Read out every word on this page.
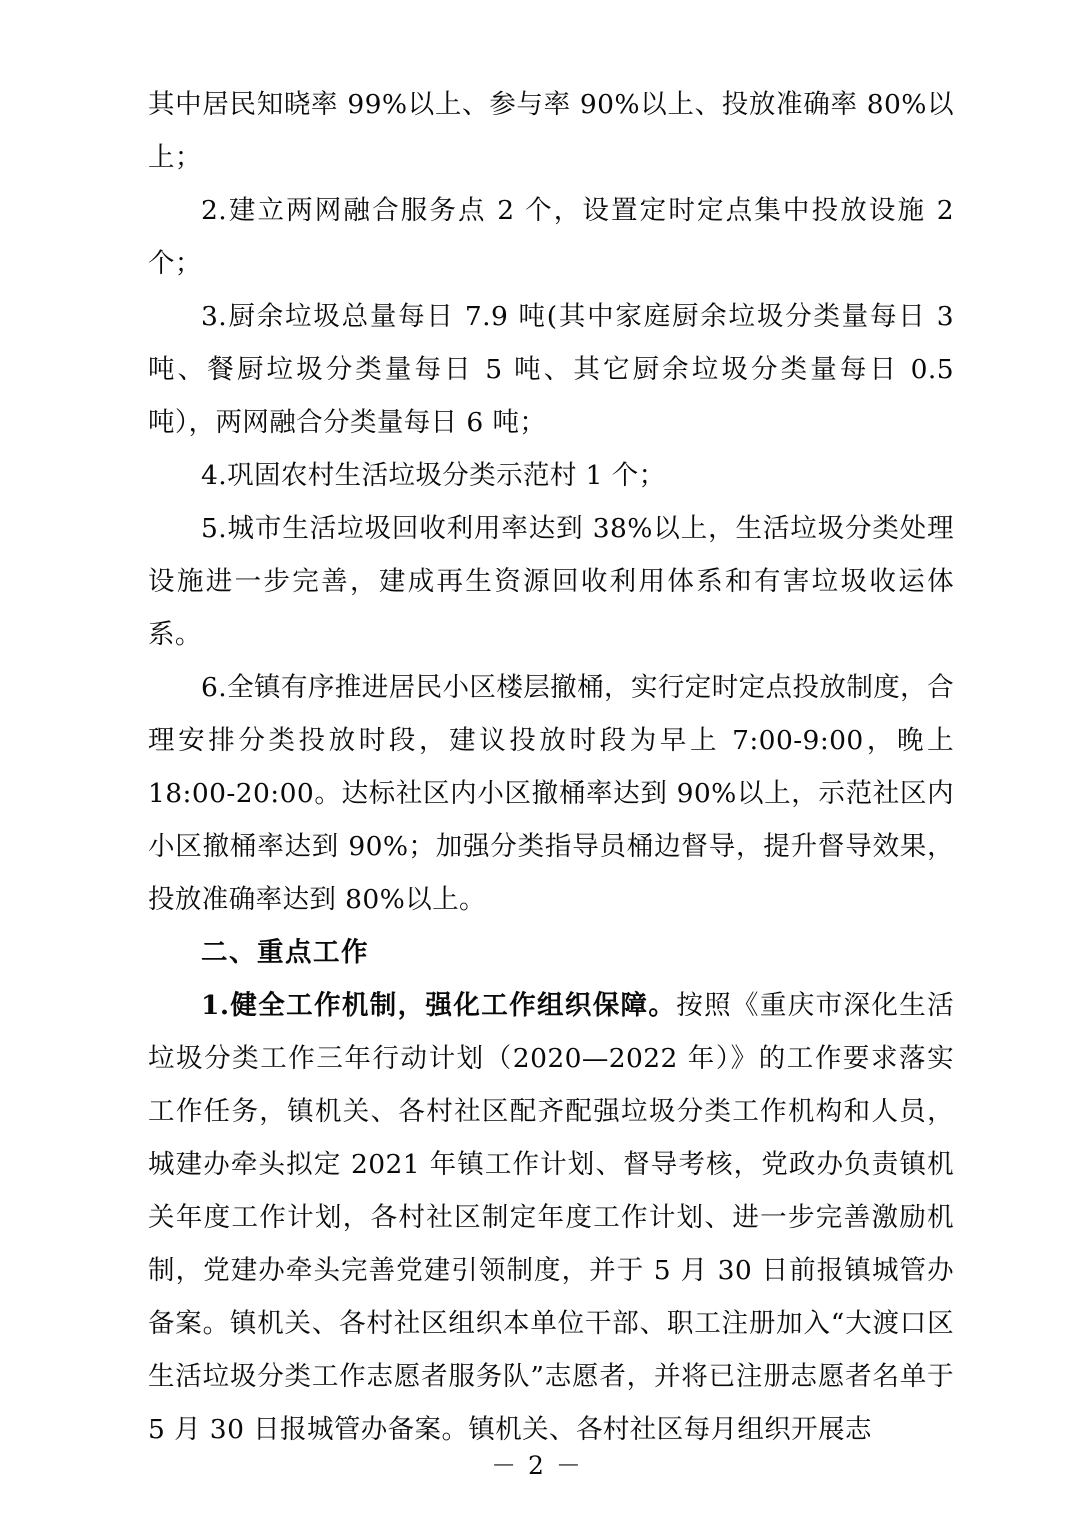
其中居民知晓率 99%以上、参与率 90%以上、投放准确率 80%以上；

2.建立两网融合服务点 2 个，设置定时定点集中投放设施 2 个；

3.厨余垃圾总量每日 7.9 吨(其中家庭厨余垃圾分类量每日 3 吨、餐厨垃圾分类量每日 5 吨、其它厨余垃圾分类量每日 0.5 吨），两网融合分类量每日 6 吨；

4.巩固农村生活垃圾分类示范村 1 个；

5.城市生活垃圾回收利用率达到 38%以上，生活垃圾分类处理设施进一步完善，建成再生资源回收利用体系和有害垃圾收运体系。

6.全镇有序推进居民小区楼层撤桶，实行定时定点投放制度，合理安排分类投放时段，建议投放时段为早上 7:00-9:00，晚上 18:00-20:00。达标社区内小区撤桶率达到 90%以上，示范社区内小区撤桶率达到 90%；加强分类指导员桶边督导，提升督导效果，投放准确率达到 80%以上。

二、重点工作

1.健全工作机制，强化工作组织保障。按照《重庆市深化生活垃圾分类工作三年行动计划（2020—2022 年）》的工作要求落实工作任务，镇机关、各村社区配齐配强垃圾分类工作机构和人员，城建办牵头拟定 2021 年镇工作计划、督导考核，党政办负责镇机关年度工作计划，各村社区制定年度工作计划、进一步完善激励机制，党建办牵头完善党建引领制度，并于 5 月 30 日前报镇城管办备案。镇机关、各村社区组织本单位干部、职工注册加入“大渡口区生活垃圾分类工作志愿者服务队”志愿者，并将已注册志愿者名单于 5 月 30 日报城管办备案。镇机关、各村社区每月组织开展志

－ 2 －
